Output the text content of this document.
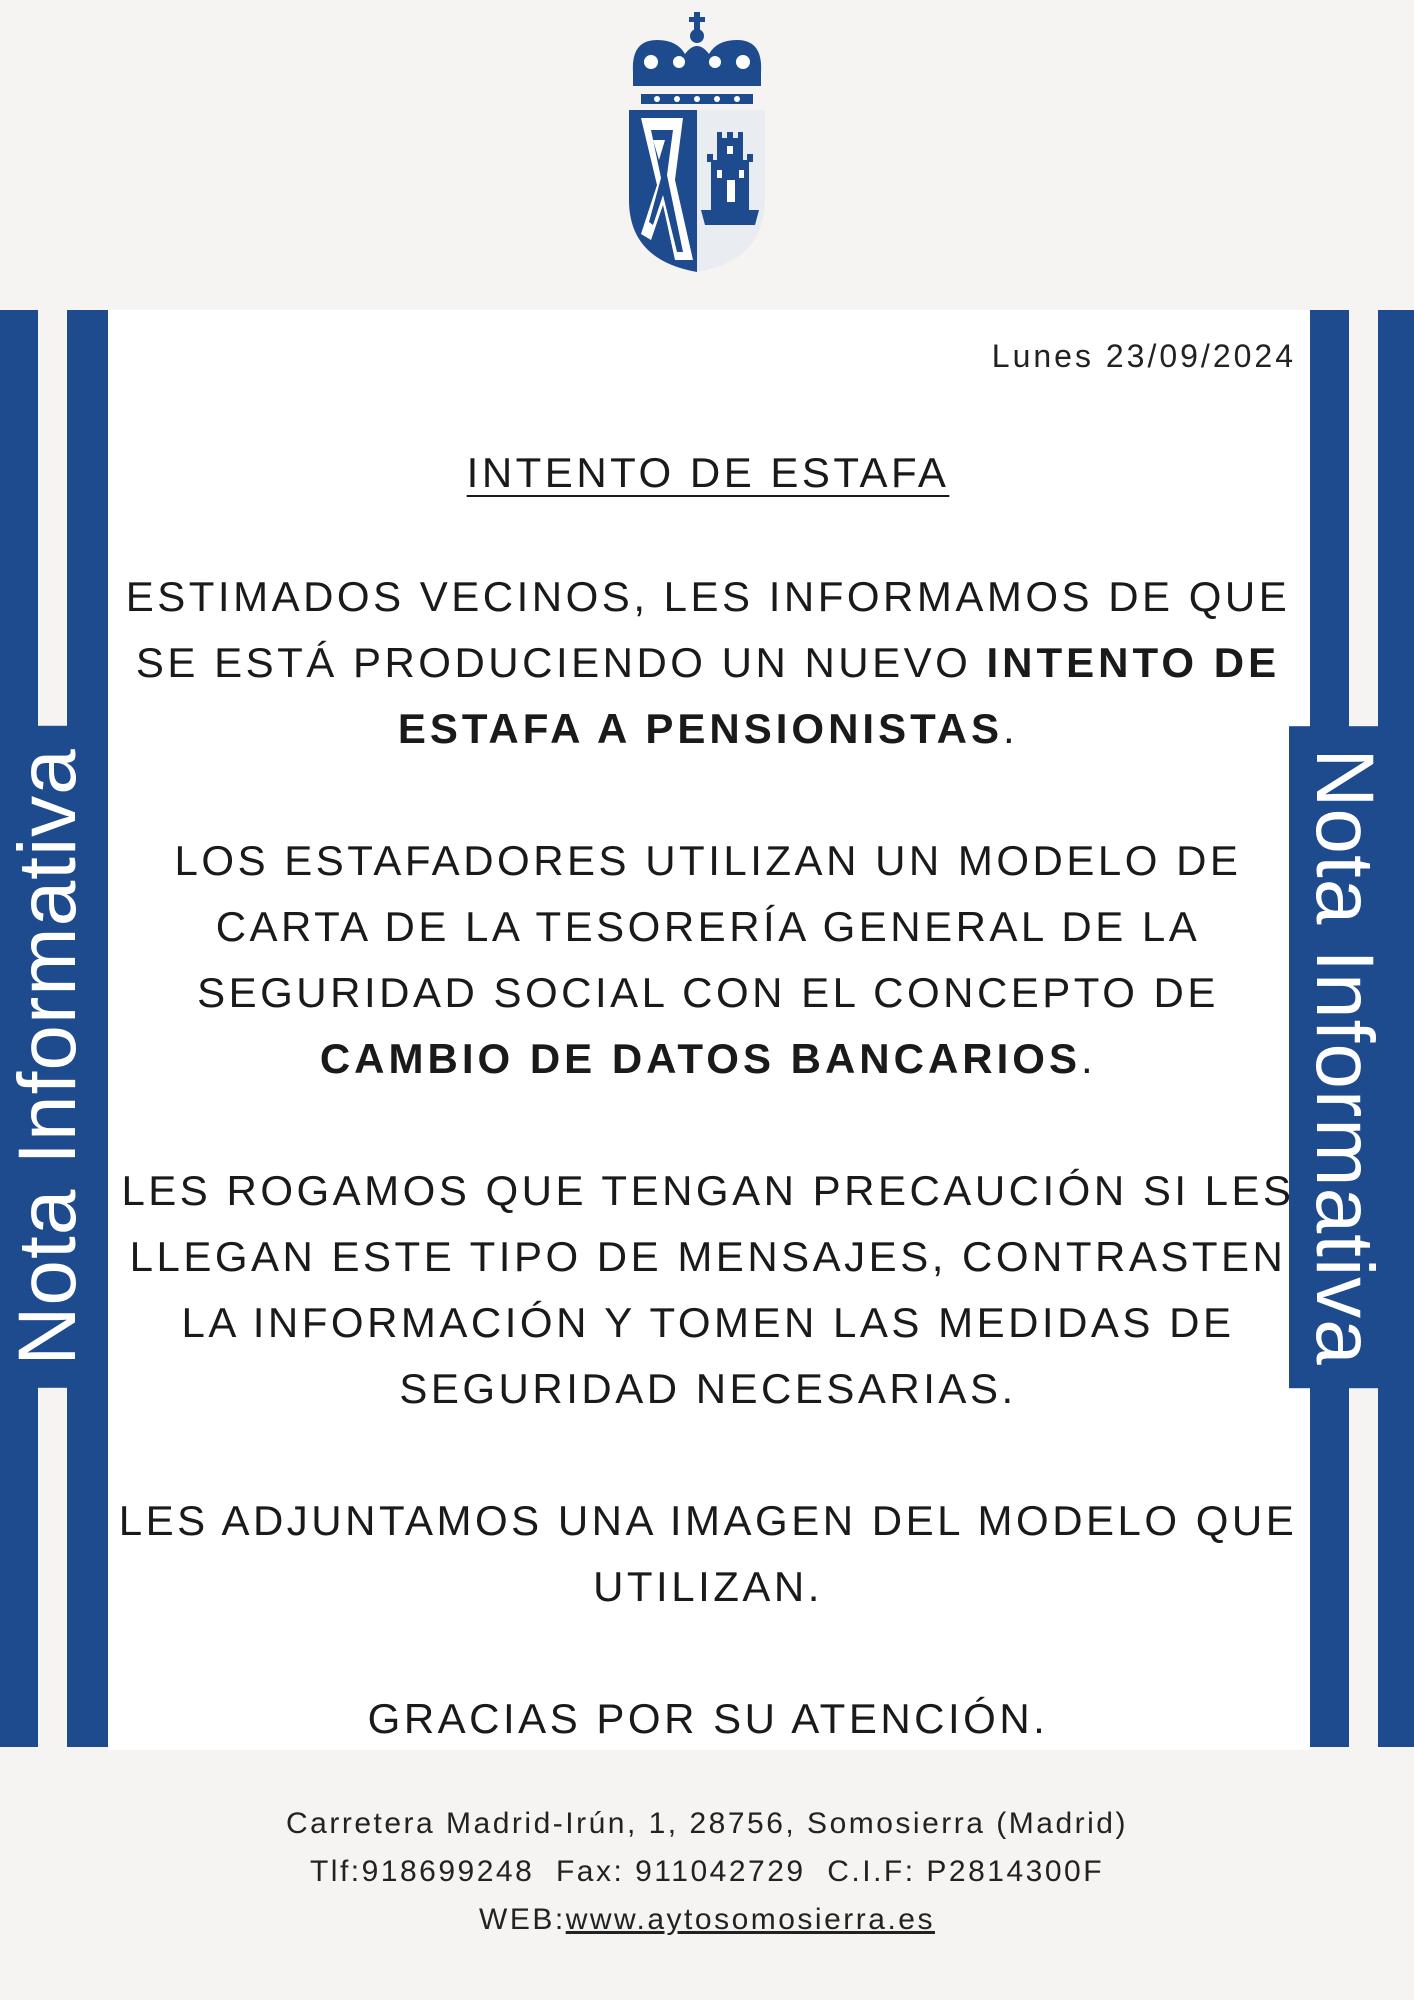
Nota Informativa	Nota Informativa
Lunes 23/09/2024
INTENTO DE ESTAFA

ESTIMADOS VECINOS, LES INFORMAMOS DE QUE SE ESTÁ PRODUCIENDO UN NUEVO INTENTO DE ESTAFA A PENSIONISTAS.

LOS ESTAFADORES UTILIZAN UN MODELO DE CARTA DE LA TESORERÍA GENERAL DE LA SEGURIDAD SOCIAL CON EL CONCEPTO DE CAMBIO DE DATOS BANCARIOS.

LES ROGAMOS QUE TENGAN PRECAUCIÓN SI LES LLEGAN ESTE TIPO DE MENSAJES, CONTRASTEN LA INFORMACIÓN Y TOMEN LAS MEDIDAS DE SEGURIDAD NECESARIAS.

LES ADJUNTAMOS UNA IMAGEN DEL MODELO QUE UTILIZAN.

GRACIAS POR SU ATENCIÓN.

Carretera Madrid-Irún, 1, 28756, Somosierra (Madrid)
Tlf:918699248  Fax: 911042729  C.I.F: P2814300F
WEB:www.aytosomosierra.es
